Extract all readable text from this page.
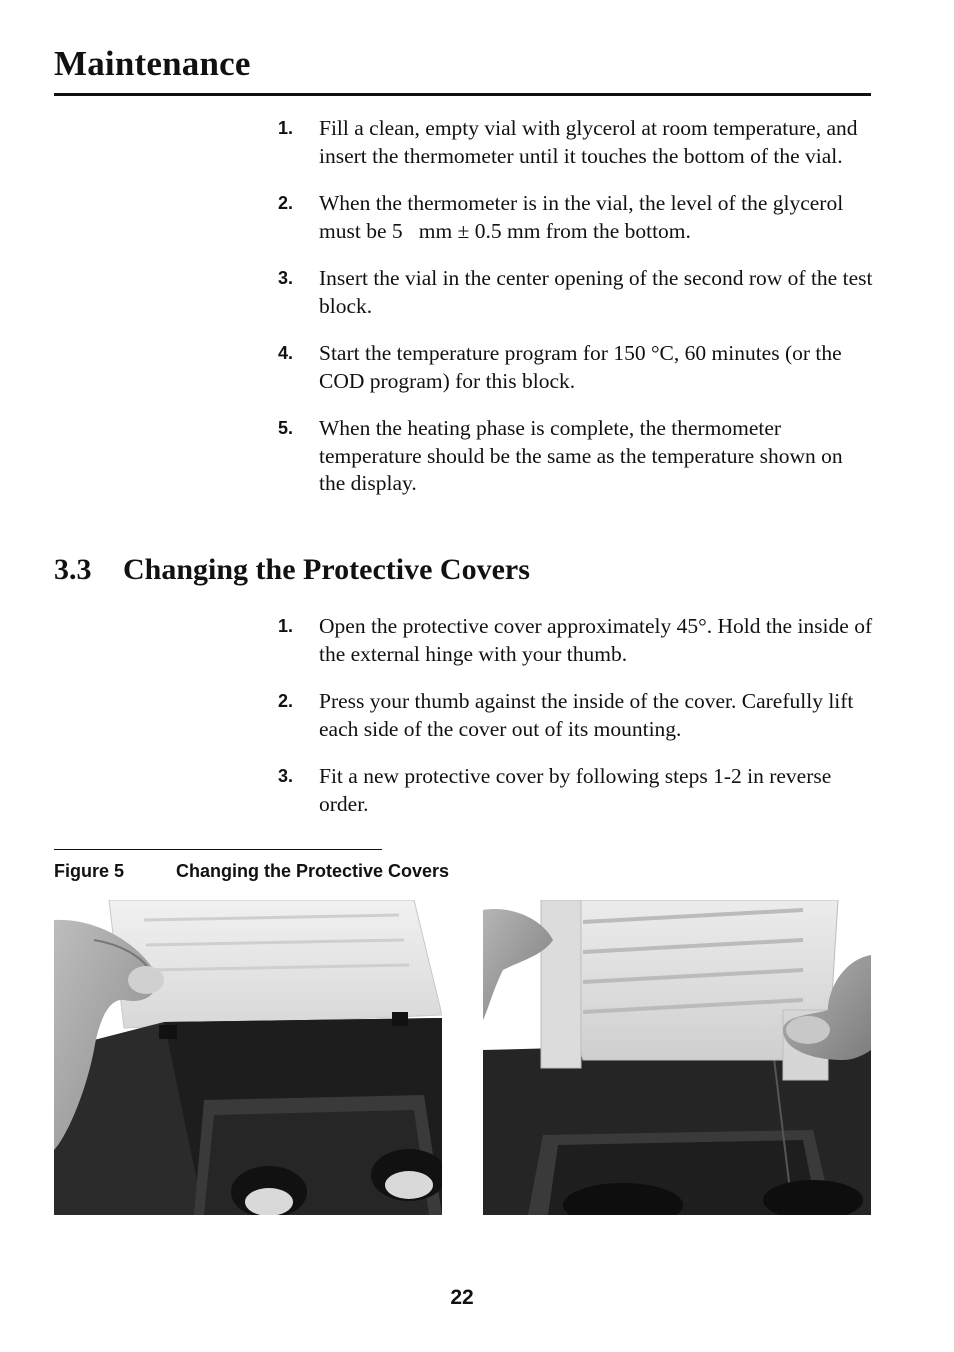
Maintenance
1. Fill a clean, empty vial with glycerol at room temperature, and insert the thermometer until it touches the bottom of the vial.
2. When the thermometer is in the vial, the level of the glycerol must be 5   mm ± 0.5 mm from the bottom.
3. Insert the vial in the center opening of the second row of the test block.
4. Start the temperature program for 150 °C, 60 minutes (or the COD program) for this block.
5. When the heating phase is complete, the thermometer temperature should be the same as the temperature shown on the display.
3.3 Changing the Protective Covers
1. Open the protective cover approximately 45°. Hold the inside of the external hinge with your thumb.
2. Press your thumb against the inside of the cover. Carefully lift each side of the cover out of its mounting.
3. Fit a new protective cover by following steps 1-2 in reverse order.
Figure 5	Changing the Protective Covers
22
